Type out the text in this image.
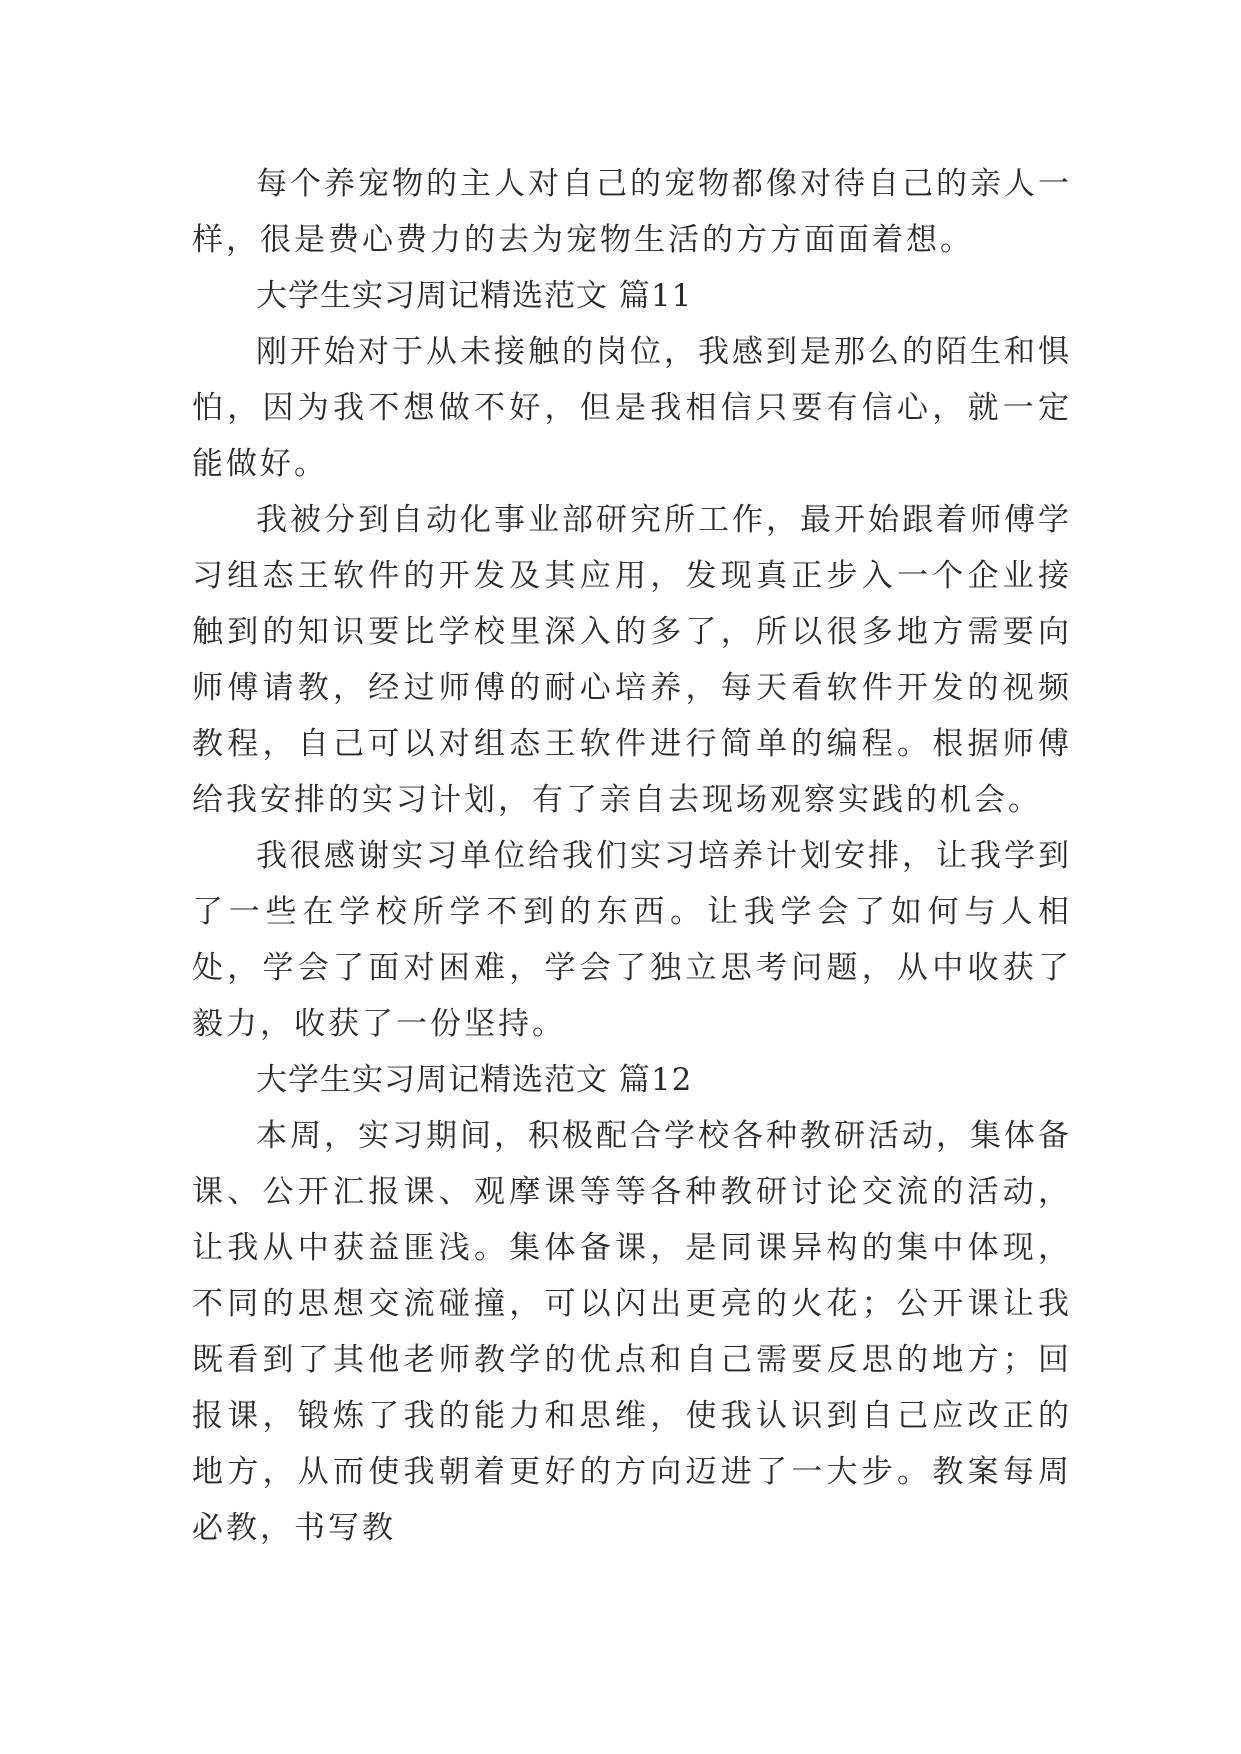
每个养宠物的主人对自己的宠物都像对待自己的亲人一样，很是费心费力的去为宠物生活的方方面面着想。

大学生实习周记精选范文 篇11

刚开始对于从未接触的岗位，我感到是那么的陌生和惧怕，因为我不想做不好，但是我相信只要有信心，就一定能做好。

我被分到自动化事业部研究所工作，最开始跟着师傅学习组态王软件的开发及其应用，发现真正步入一个企业接触到的知识要比学校里深入的多了，所以很多地方需要向师傅请教，经过师傅的耐心培养，每天看软件开发的视频教程，自己可以对组态王软件进行简单的编程。根据师傅给我安排的实习计划，有了亲自去现场观察实践的机会。

我很感谢实习单位给我们实习培养计划安排，让我学到了一些在学校所学不到的东西。让我学会了如何与人相处，学会了面对困难，学会了独立思考问题，从中收获了毅力，收获了一份坚持。

大学生实习周记精选范文 篇12

本周，实习期间，积极配合学校各种教研活动，集体备课、公开汇报课、观摩课等等各种教研讨论交流的活动，让我从中获益匪浅。集体备课，是同课异构的集中体现，不同的思想交流碰撞，可以闪出更亮的火花；公开课让我既看到了其他老师教学的优点和自己需要反思的地方；回报课，锻炼了我的能力和思维，使我认识到自己应改正的地方，从而使我朝着更好的方向迈进了一大步。教案每周必教，书写教
